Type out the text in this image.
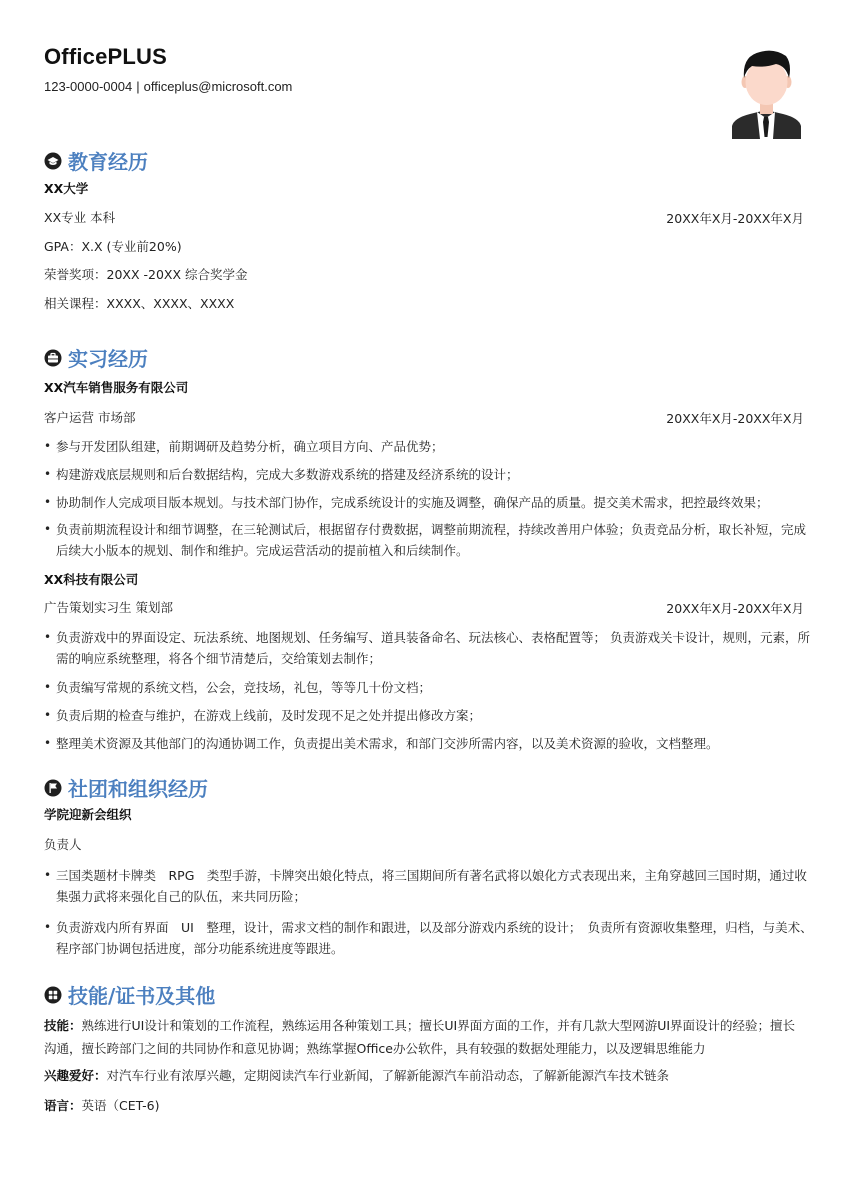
OfficePLUS
123-0000-0004 | officeplus@microsoft.com
教育经历
XX大学
XX专业 本科	20XX年X月-20XX年X月
GPA：X.X (专业前20%)
荣誉奖项：20XX -20XX 综合奖学金
相关课程：XXXX、XXXX、XXXX
实习经历
XX汽车销售服务有限公司
客户运营 市场部	20XX年X月-20XX年X月
• 参与开发团队组建，前期调研及趋势分析，确立项目方向、产品优势；
• 构建游戏底层规则和后台数据结构，完成大多数游戏系统的搭建及经济系统的设计；
• 协助制作人完成项目版本规划。与技术部门协作，完成系统设计的实施及调整，确保产品的质量。提交美术需求，把控最终效果；
• 负责前期流程设计和细节调整，在三轮测试后，根据留存付费数据，调整前期流程，持续改善用户体验；负责竞品分析，取长补短，完成后续大小版本的规划、制作和维护。完成运营活动的提前植入和后续制作。
XX科技有限公司
广告策划实习生 策划部	20XX年X月-20XX年X月
• 负责游戏中的界面设定、玩法系统、地图规划、任务编写、道具装备命名、玩法核心、表格配置等； 负责游戏关卡设计，规则，元素，所需的响应系统整理，将各个细节清楚后，交给策划去制作；
• 负责编写常规的系统文档，公会，竞技场，礼包，等等几十份文档；
• 负责后期的检查与维护，在游戏上线前，及时发现不足之处并提出修改方案；
• 整理美术资源及其他部门的沟通协调工作，负责提出美术需求，和部门交涉所需内容，以及美术资源的验收，文档整理。
社团和组织经历
学院迎新会组织
负责人
• 三国类题材卡牌类　RPG　类型手游，卡牌突出娘化特点，将三国期间所有著名武将以娘化方式表现出来，主角穿越回三国时期，通过收集强力武将来强化自己的队伍，来共同历险；
• 负责游戏内所有界面　UI　整理，设计，需求文档的制作和跟进，以及部分游戏内系统的设计；　负责所有资源收集整理，归档，与美术、程序部门协调包括进度，部分功能系统进度等跟进。
技能/证书及其他
技能：熟练进行UI设计和策划的工作流程，熟练运用各种策划工具；擅长UI界面方面的工作，并有几款大型网游UI界面设计的经验；擅长沟通，擅长跨部门之间的共同协作和意见协调；熟练掌握Office办公软件，具有较强的数据处理能力，以及逻辑思维能力
兴趣爱好：对汽车行业有浓厚兴趣，定期阅读汽车行业新闻，了解新能源汽车前沿动态，了解新能源汽车技术链条
语言：英语（CET-6)
